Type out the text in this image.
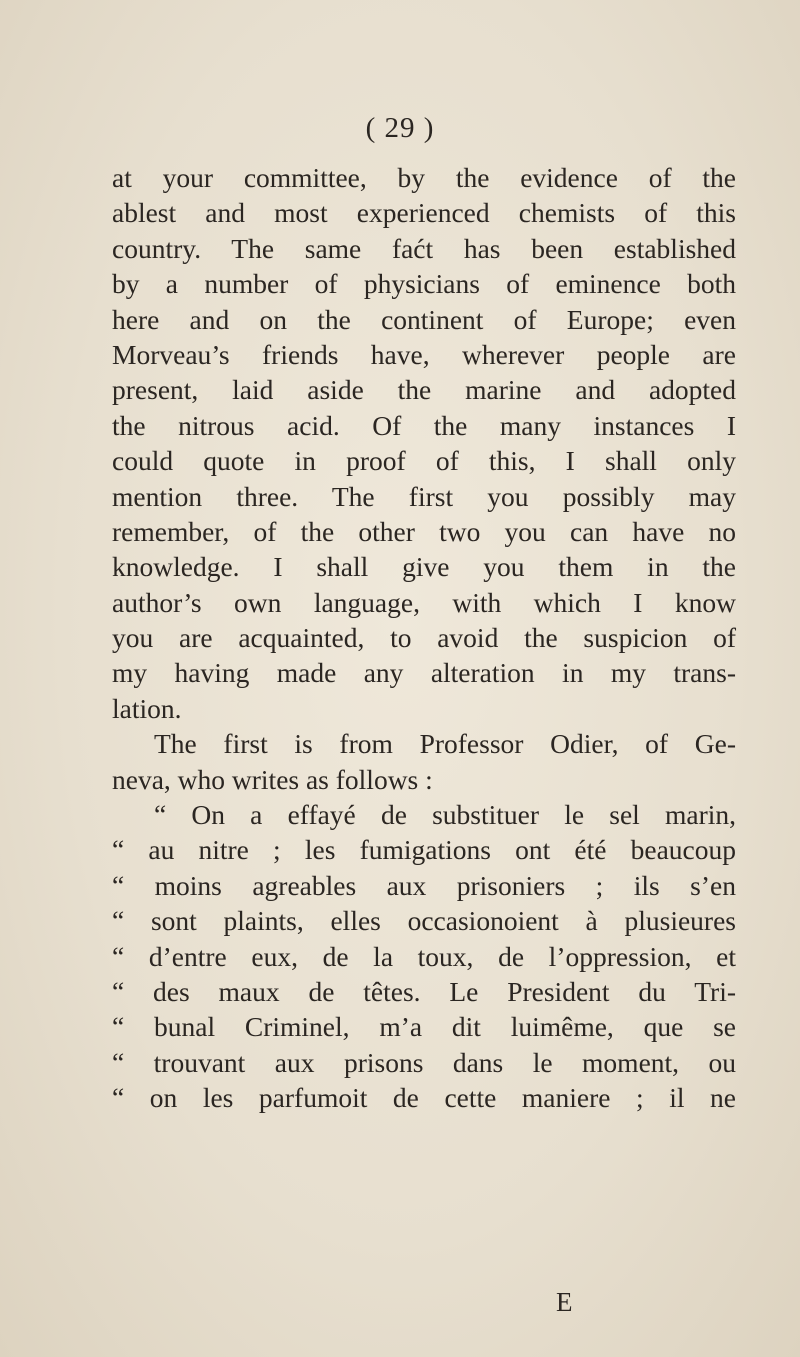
( 29 )
at your committee, by the evidence of the
ablest and most experienced chemists of this
country. The same faćt has been established
by a number of physicians of eminence both
here and on the continent of Europe; even
Morveau’s friends have, wherever people are
present, laid aside the marine and adopted
the nitrous acid. Of the many instances I
could quote in proof of this, I shall only
mention three. The first you possibly may
remember, of the other two you can have no
knowledge. I shall give you them in the
author’s own language, with which I know
you are acquainted, to avoid the suspicion of
my having made any alteration in my trans-
lation.
The first is from Professor Odier, of Ge-
neva, who writes as follows :
“ On a effayé de substituer le sel marin,
“ au nitre ; les fumigations ont été beaucoup
“ moins agreables aux prisoniers ; ils s’en
“ sont plaints, elles occasionoient à plusieures
“ d’entre eux, de la toux, de l’oppression, et
“ des maux de têtes. Le President du Tri-
“ bunal Criminel, m’a dit luimême, que se
“ trouvant aux prisons dans le moment, ou
“ on les parfumoit de cette maniere ; il ne
E
